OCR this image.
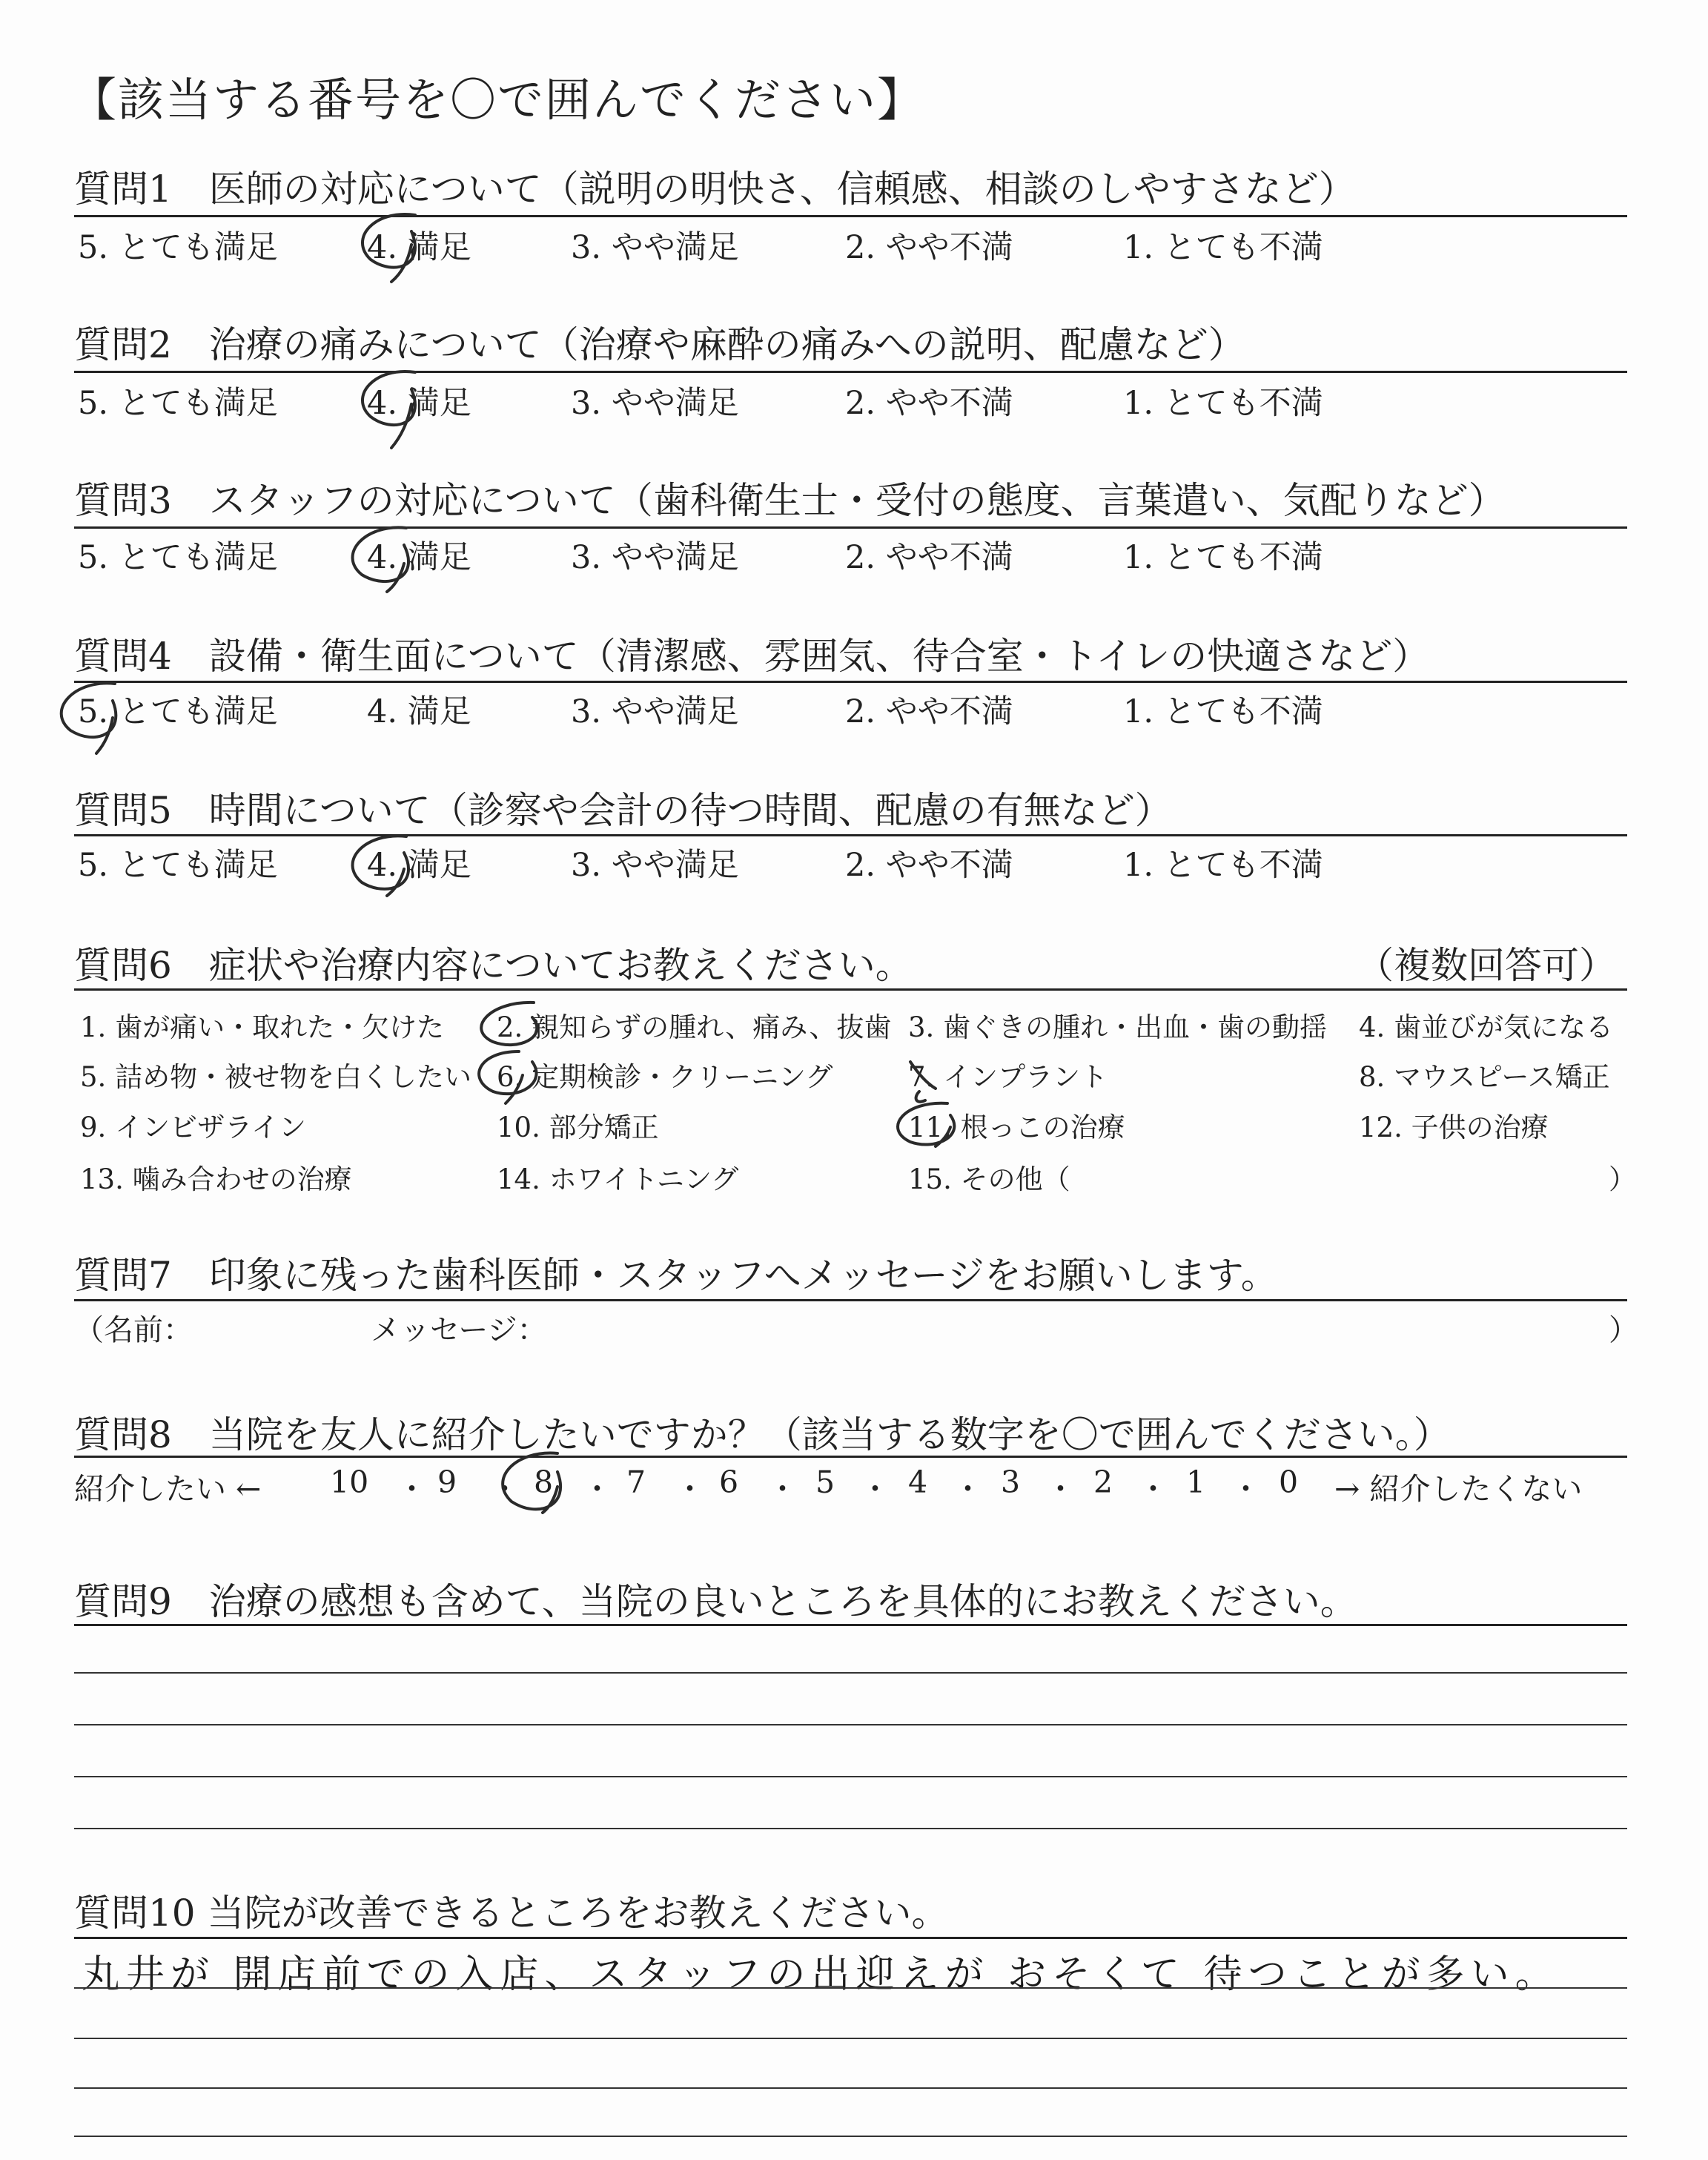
【該当する番号を〇で囲んでください】
質問1　医師の対応について（説明の明快さ、信頼感、相談のしやすさなど）
5. とても満足	4. 満足	3. やや満足	2. やや不満	1. とても不満
質問2　治療の痛みについて（治療や麻酔の痛みへの説明、配慮など）
5. とても満足	4. 満足	3. やや満足	2. やや不満	1. とても不満
質問3　スタッフの対応について（歯科衛生士・受付の態度、言葉遣い、気配りなど）
5. とても満足	4. 満足	3. やや満足	2. やや不満	1. とても不満
質問4　設備・衛生面について（清潔感、雰囲気、待合室・トイレの快適さなど）
5. とても満足	4. 満足	3. やや満足	2. やや不満	1. とても不満
質問5　時間について（診察や会計の待つ時間、配慮の有無など）
5. とても満足	4. 満足	3. やや満足	2. やや不満	1. とても不満
質問6　症状や治療内容についてお教えください。	（複数回答可）
1. 歯が痛い・取れた・欠けた 2. 親知らずの腫れ、痛み、抜歯 3. 歯ぐきの腫れ・出血・歯の動揺 4. 歯並びが気になる
5. 詰め物・被せ物を白くしたい 6. 定期検診・クリーニング	7. インプラント	8. マウスピース矯正
9. インビザライン	10. 部分矯正	11. 根っこの治療	12. 子供の治療
13. 噛み合わせの治療	14. ホワイトニング	15. その他（	）
質問7　印象に残った歯科医師・スタッフへメッセージをお願いします。
（名前：	メッセージ：	）
質問8　当院を友人に紹介したいですか？（該当する数字を〇で囲んでください。）
紹介したい ← 10 ・ 9 ・ 8 ・ 7 ・ 6 ・ 5 ・ 4 ・ 3 ・ 2 ・ 1 ・ 0 → 紹介したくない
質問9　治療の感想も含めて、当院の良いところを具体的にお教えください。
質問10 当院が改善できるところをお教えください。
丸井が 開店前での入店、スタッフの出迎えが おそくて 待つことが多い。
